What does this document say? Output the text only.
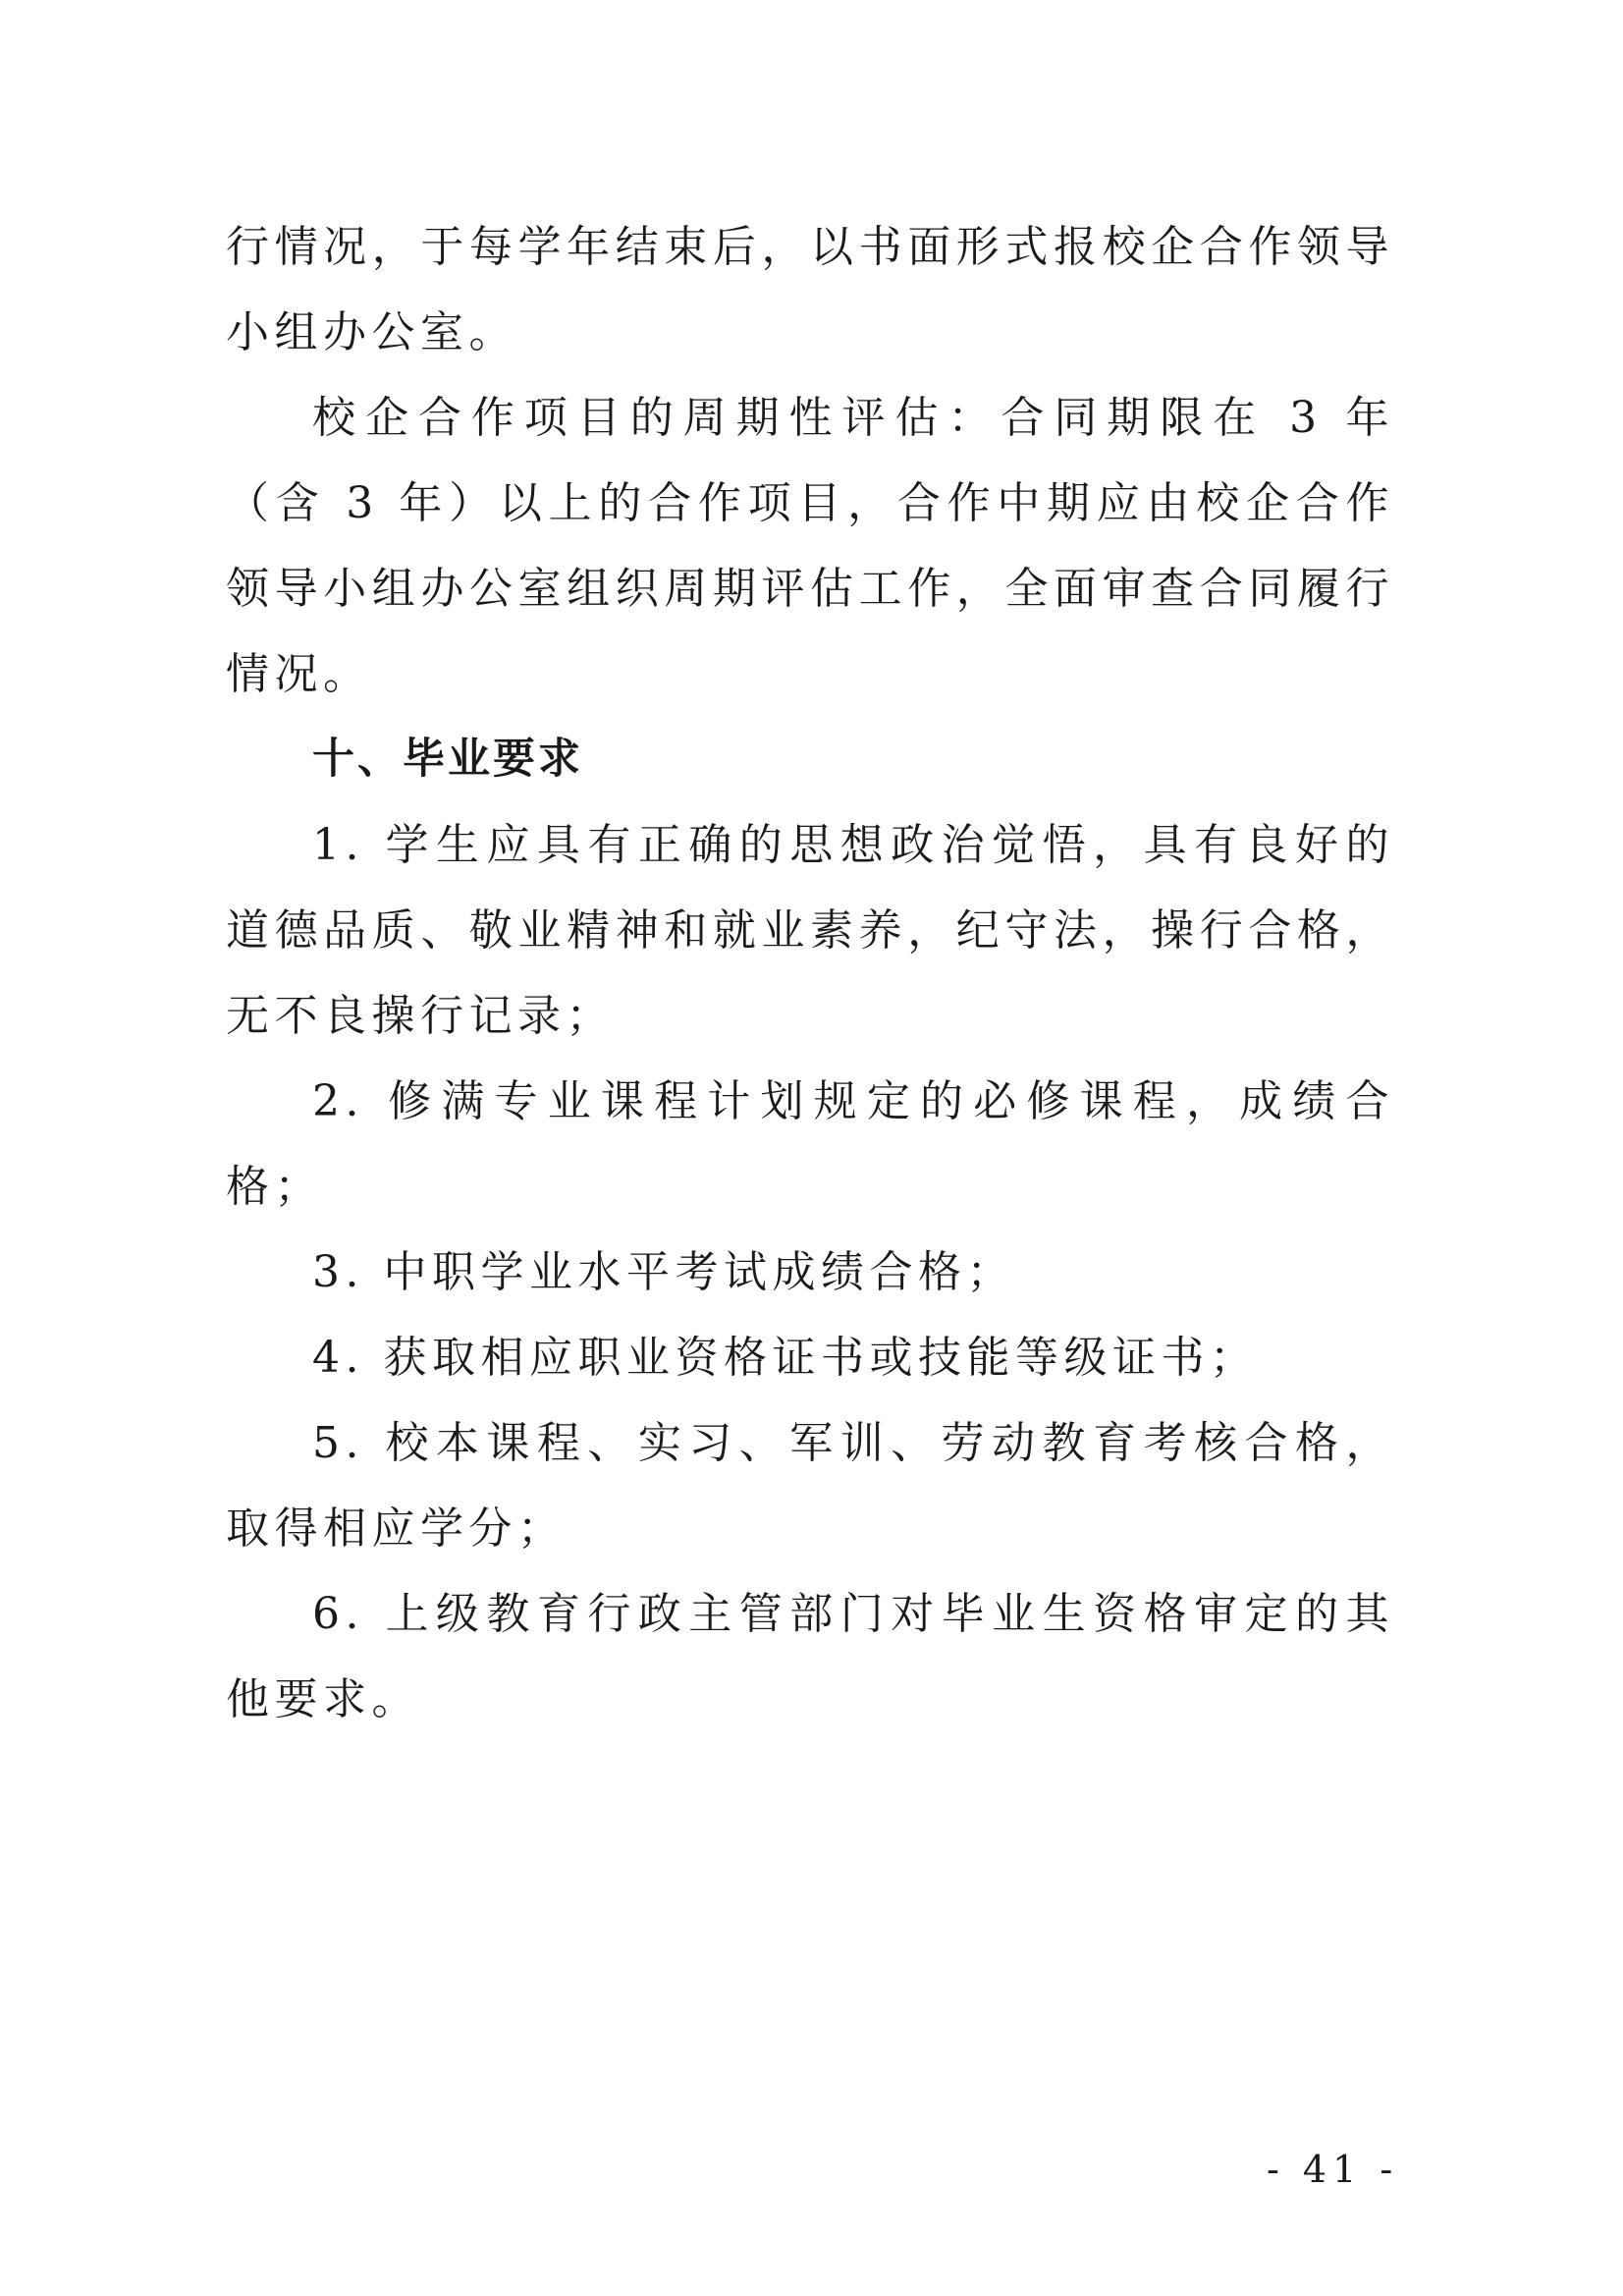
行情况，于每学年结束后，以书面形式报校企合作领导小组办公室。

校企合作项目的周期性评估：合同期限在 3 年（含 3 年）以上的合作项目，合作中期应由校企合作领导小组办公室组织周期评估工作，全面审查合同履行情况。

十、毕业要求

1. 学生应具有正确的思想政治觉悟，具有良好的道德品质、敬业精神和就业素养，纪守法，操行合格，无不良操行记录；

2. 修满专业课程计划规定的必修课程，成绩合格；

3. 中职学业水平考试成绩合格；

4. 获取相应职业资格证书或技能等级证书；

5. 校本课程、实习、军训、劳动教育考核合格，取得相应学分；

6. 上级教育行政主管部门对毕业生资格审定的其他要求。

- 41 -
